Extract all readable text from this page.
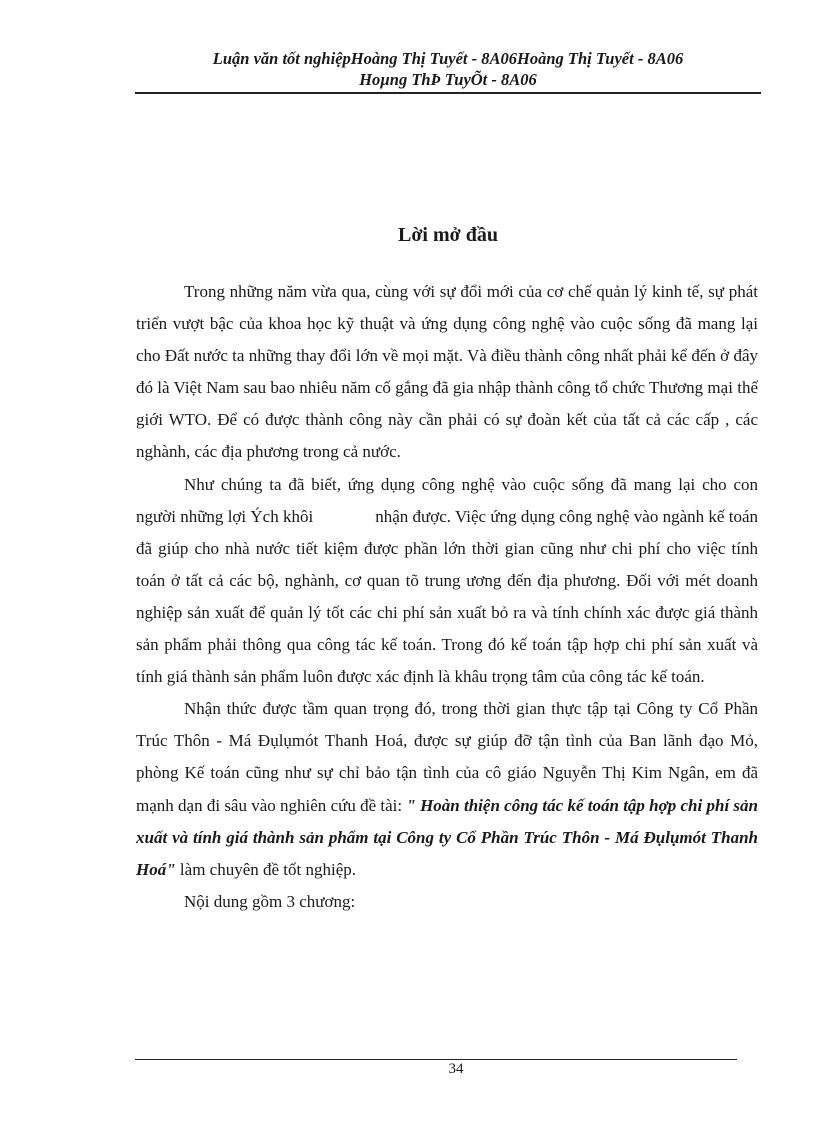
Luận văn tốt nghiệpHoàng Thị Tuyết - 8A06Hoàng Thị Tuyết - 8A06
Hoµng ThÞ TuyÕt - 8A06
Lời mở đầu

Trong những năm vừa qua, cùng với sự đổi mới của cơ chế quản lý kinh tế, sự phát triển vượt bậc của khoa học kỹ thuật và ứng dụng công nghệ vào cuộc sống đã mang lại cho Đất nước ta những thay đổi lớn về mọi mặt. Và điều thành công nhất phải kể đến ở đây đó là Việt Nam sau bao nhiêu năm cố gắng đã gia nhập thành công tổ chức Thương mại thế giới WTO. Để có được thành công này cần phải có sự đoàn kết của tất cả các cấp , các nghành, các địa phương trong cả nước.

Như chúng ta đã biết, ứng dụng công nghệ vào cuộc sống đã mang lại cho con người những lợi Ých khôi	nhận được. Việc ứng dụng công nghệ vào ngành kế toán đã giúp cho nhà nước tiết kiệm được phần lớn thời gian cũng như chi phí cho việc tính toán ở tất cả các bộ, nghành, cơ quan tõ trung ương đến địa phương. Đối với mét doanh nghiệp sản xuất để quản lý tốt các chi phí sản xuất bỏ ra và tính chính xác được giá thành sản phẩm phải thông qua công tác kế toán. Trong đó kế toán tập hợp chi phí sản xuất và tính giá thành sản phẩm luôn được xác định là khâu trọng tâm của công tác kế toán.

Nhận thức được tầm quan trọng đó, trong thời gian thực tập tại Công ty Cổ Phần Trúc Thôn - Má Đụlụmót Thanh Hoá, được sự giúp đỡ tận tình của Ban lãnh đạo Mỏ, phòng Kế toán cũng như sự chỉ bảo tận tình của cô giáo Nguyễn Thị Kim Ngân, em đã mạnh dạn đi sâu vào nghiên cứu đề tài: " Hoàn thiện công tác kế toán tập hợp chi phí sản xuất và tính giá thành sản phẩm tại Công ty Cổ Phần Trúc Thôn - Má Đụlụmót Thanh Hoá" làm chuyên đề tốt nghiệp.

Nội dung gồm 3 chương:

34
